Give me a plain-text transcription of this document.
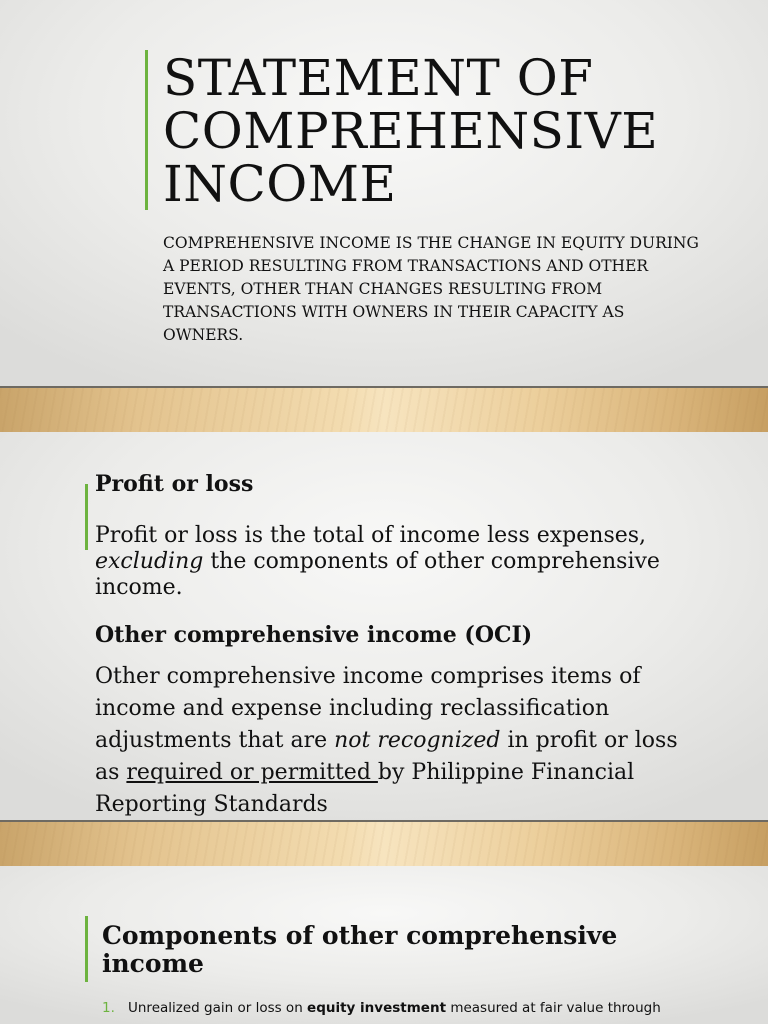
STATEMENT OF
COMPREHENSIVE
INCOME

COMPREHENSIVE INCOME IS THE CHANGE IN EQUITY DURING A PERIOD RESULTING FROM TRANSACTIONS AND OTHER EVENTS, OTHER THAN CHANGES RESULTING FROM TRANSACTIONS WITH OWNERS IN THEIR CAPACITY AS OWNERS.

Profit or loss

Profit or loss is the total of income less expenses, excluding the components of other comprehensive income.

Other comprehensive income (OCI)

Other comprehensive income comprises items of income and expense including reclassification adjustments that are not recognized in profit or loss as required or permitted by Philippine Financial Reporting Standards

Components of other comprehensive income

1. Unrealized gain or loss on equity investment measured at fair value through
